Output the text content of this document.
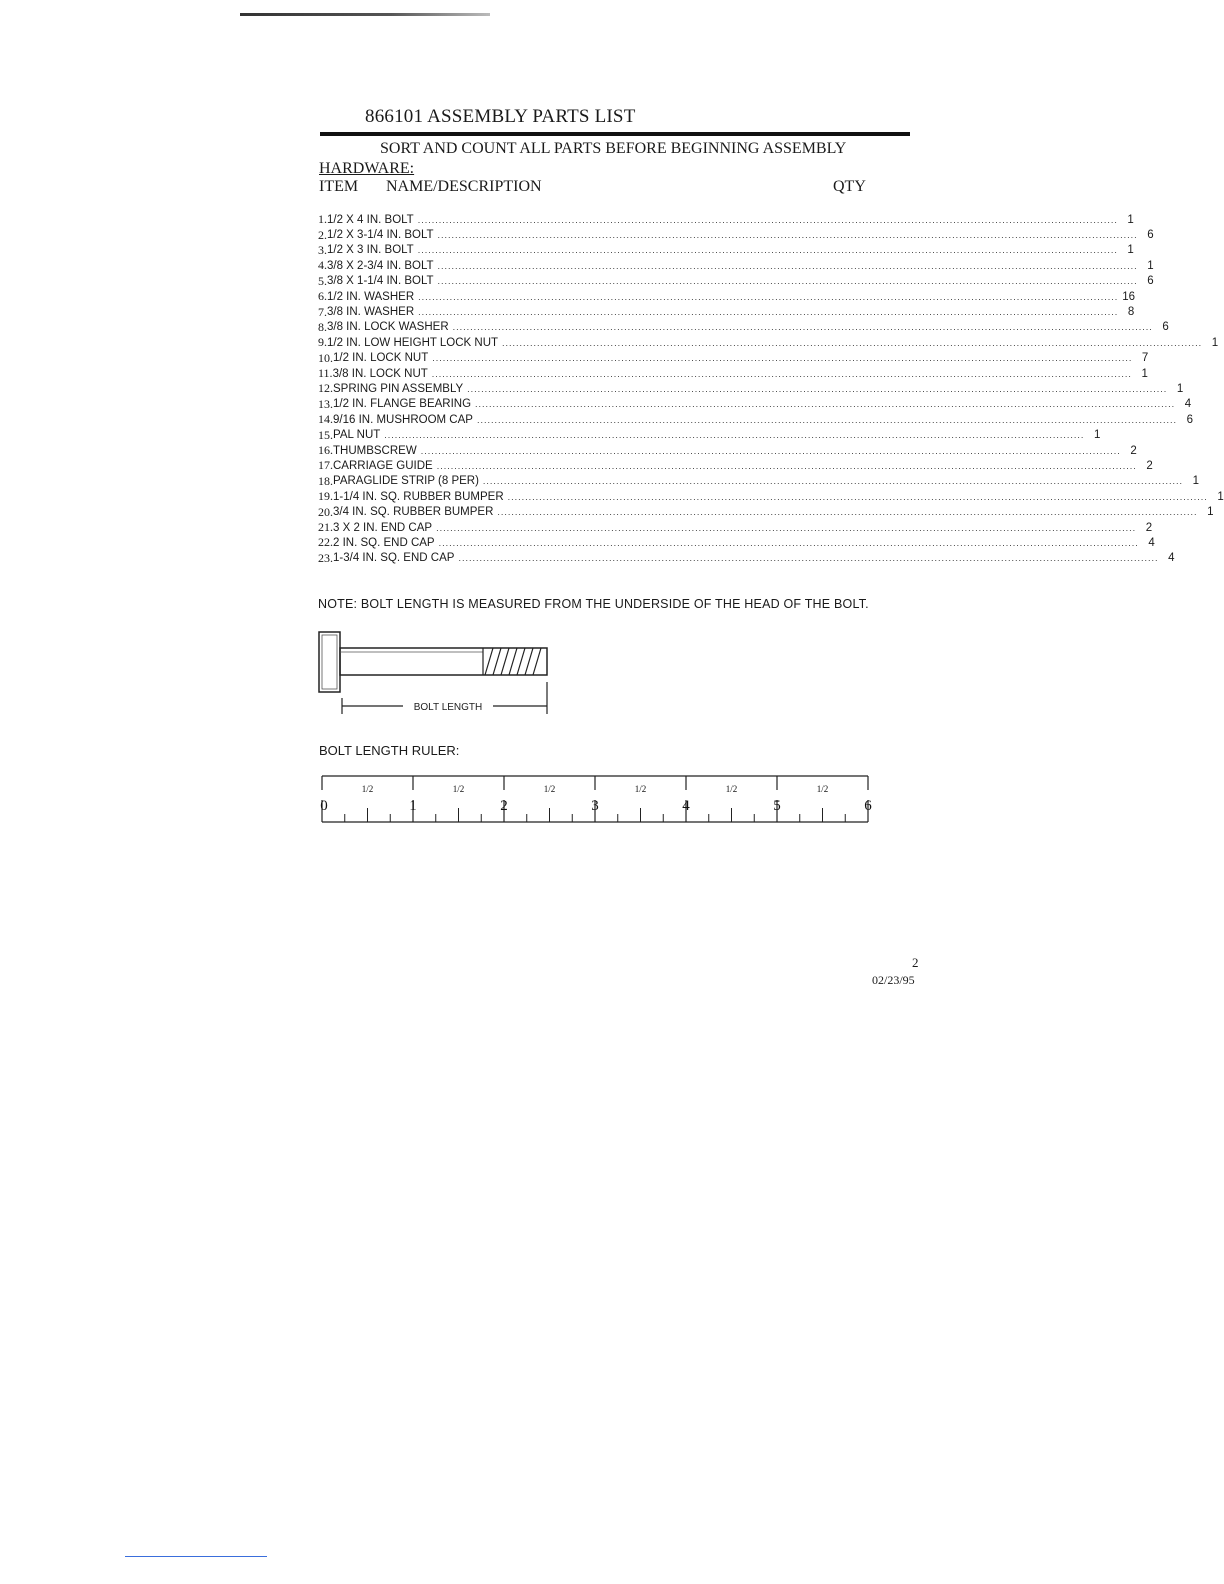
866101 ASSEMBLY PARTS LIST
SORT AND COUNT ALL PARTS BEFORE BEGINNING ASSEMBLY
HARDWARE:
ITEM NAME/DESCRIPTION	QTY
1. 1/2 X 4 IN. BOLT ........................................................................................................................................................................................................ 1
2. 1/2 X 3-1/4 IN. BOLT ........................................................................................................................................................................................................ 6
3. 1/2 X 3 IN. BOLT ........................................................................................................................................................................................................ 1
4. 3/8 X 2-3/4 IN. BOLT ........................................................................................................................................................................................................ 1
5. 3/8 X 1-1/4 IN. BOLT ........................................................................................................................................................................................................ 6
6. 1/2 IN. WASHER ........................................................................................................................................................................................................ 16
7. 3/8 IN. WASHER ........................................................................................................................................................................................................ 8
8. 3/8 IN. LOCK WASHER ........................................................................................................................................................................................................ 6
9. 1/2 IN. LOW HEIGHT LOCK NUT ........................................................................................................................................................................................................ 1
10. 1/2 IN. LOCK NUT ........................................................................................................................................................................................................ 7
11. 3/8 IN. LOCK NUT ........................................................................................................................................................................................................ 1
12. SPRING PIN ASSEMBLY ........................................................................................................................................................................................................ 1
13. 1/2 IN. FLANGE BEARING ........................................................................................................................................................................................................ 4
14. 9/16 IN. MUSHROOM CAP ........................................................................................................................................................................................................ 6
15. PAL NUT ........................................................................................................................................................................................................ 1
16. THUMBSCREW ........................................................................................................................................................................................................ 2
17. CARRIAGE GUIDE ........................................................................................................................................................................................................ 2
18. PARAGLIDE STRIP (8 PER) ........................................................................................................................................................................................................ 1
19. 1-1/4 IN. SQ. RUBBER BUMPER ........................................................................................................................................................................................................ 1
20. 3/4 IN. SQ. RUBBER BUMPER ........................................................................................................................................................................................................ 1
21. 3 X 2 IN. END CAP ........................................................................................................................................................................................................ 2
22. 2 IN. SQ. END CAP ........................................................................................................................................................................................................ 4
23. 1-3/4 IN. SQ. END CAP ........................................................................................................................................................................................................ 4
NOTE: BOLT LENGTH IS MEASURED FROM THE UNDERSIDE OF THE HEAD OF THE BOLT.
BOLT LENGTH
BOLT LENGTH RULER:
0
1/2
1
1/2
2
1/2
3
1/2
4
1/2
5
1/2
6
2
02/23/95
